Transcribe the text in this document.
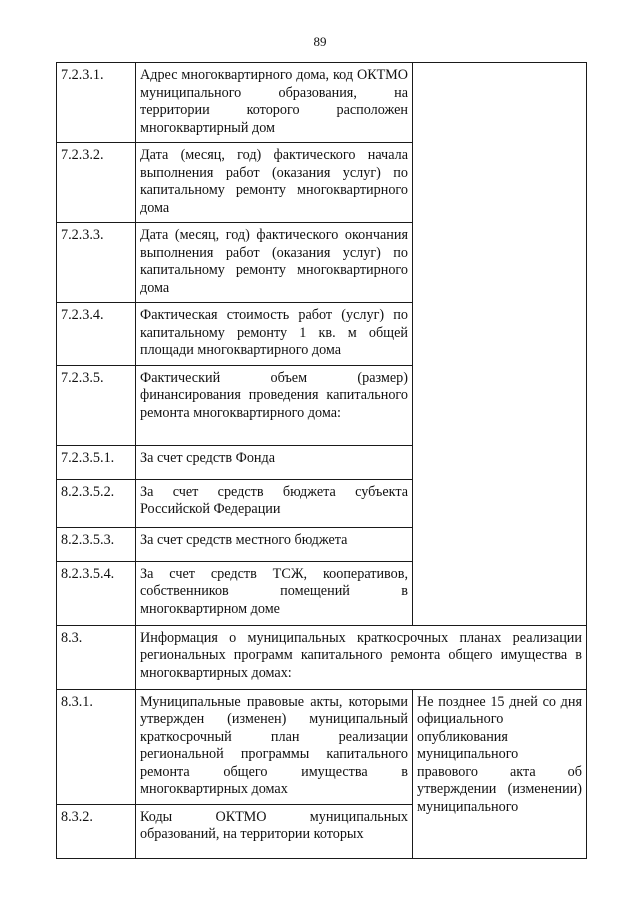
89
7.2.3.1.	Адрес многоквартирного дома, код ОКТМО муниципального образования, на территории которого расположен многоквартирный дом	
7.2.3.2.	Дата (месяц, год) фактического начала выполнения работ (оказания услуг) по капитальному ремонту многоквартирного дома	
7.2.3.3.	Дата (месяц, год) фактического окончания выполнения работ (оказания услуг) по капитальному ремонту многоквартирного дома	
7.2.3.4.	Фактическая стоимость работ (услуг) по капитальному ремонту 1 кв. м общей площади многоквартирного дома	
7.2.3.5.	Фактический объем (размер) финансирования проведения капитального ремонта многоквартирного дома:	
7.2.3.5.1.	За счет средств Фонда	
8.2.3.5.2.	За счет средств бюджета субъекта Российской Федерации	
8.2.3.5.3.	За счет средств местного бюджета	
8.2.3.5.4.	За счет средств ТСЖ, кооперативов, собственников помещений в многоквартирном доме	
8.3.	Информация о муниципальных краткосрочных планах реализации региональных программ капитального ремонта общего имущества в многоквартирных домах:	
8.3.1.	Муниципальные правовые акты, которыми утвержден (изменен) муниципальный краткосрочный план реализации региональной программы капитального ремонта общего имущества в многоквартирных домах	Не позднее 15 дней со дня официального опубликования муниципального правового акта об утверждении (изменении) муниципального
8.3.2.	Коды ОКТМО муниципальных образований, на территории которых	
